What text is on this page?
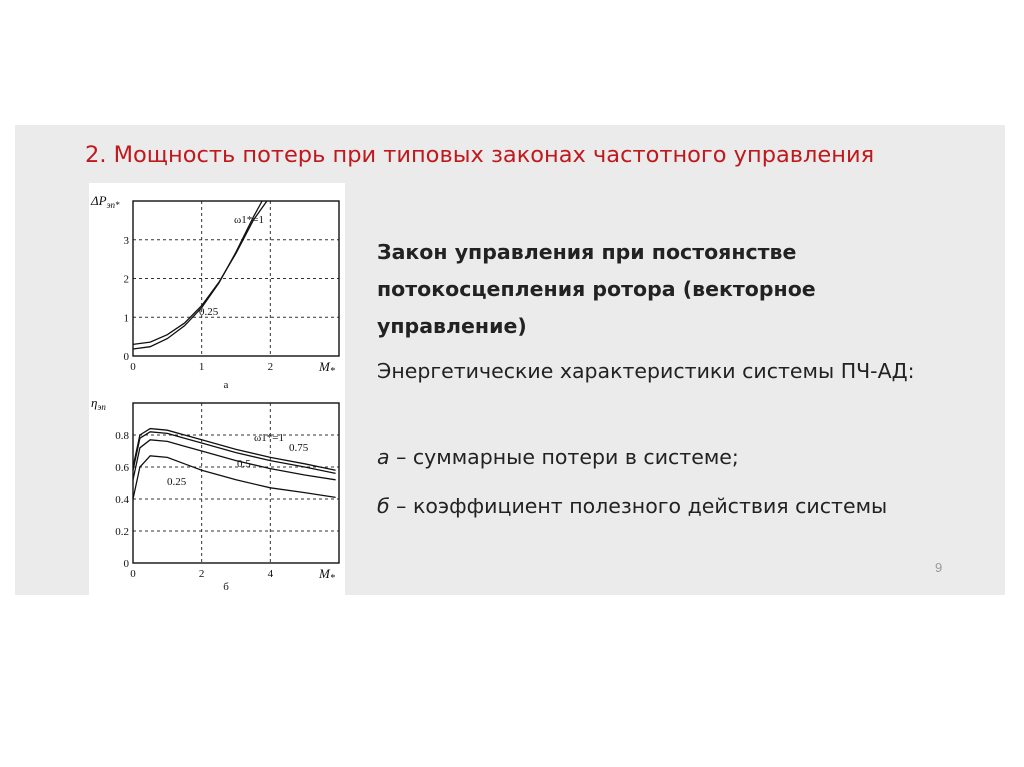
2. Мощность потерь при типовых законах частотного управления
0	1	2
0
1
2
3
$\Delta P_{эп*}$
$M_*$
ω1*=1
0.25
а
0	2	4
0
0.2
0.4
0.6
0.8
$\eta_{эп}$
$M_*$
ω1*=1
0.75
0.5
0.25
б
Закон управления при постоянстве потокосцепления ротора (векторное управление)
Энергетические характеристики системы ПЧ-АД:
а – суммарные потери в системе;
б – коэффициент полезного действия системы
9
